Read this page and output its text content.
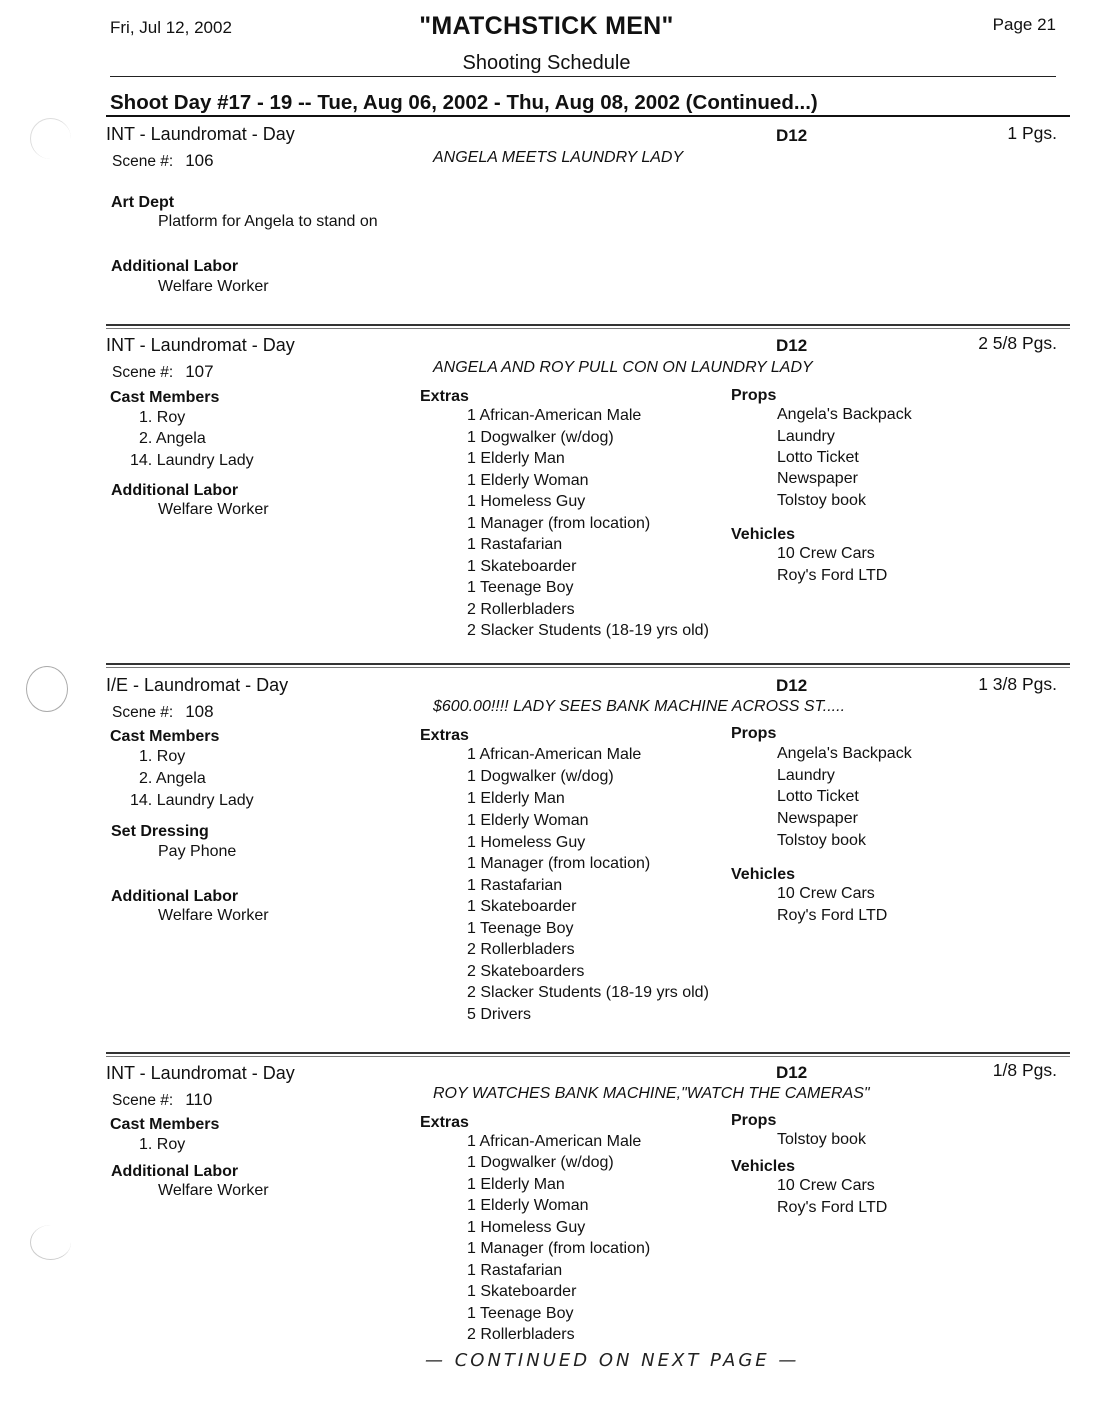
Fri, Jul 12, 2002	"MATCHSTICK MEN"
Shooting Schedule
Page 21
Shoot Day #17 - 19 -- Tue, Aug 06, 2002 - Thu, Aug 08, 2002 (Continued...)
INT - Laundromat - Day	D12	1 Pgs.
Scene #: 106	ANGELA MEETS LAUNDRY LADY
Art Dept
Platform for Angela to stand on
Additional Labor
Welfare Worker
INT - Laundromat - Day	D12	2 5/8 Pgs.
Scene #: 107	ANGELA AND ROY PULL CON ON LAUNDRY LADY
Cast Members
1. Roy
2. Angela
14. Laundry Lady
Additional Labor
Welfare Worker
Extras
1 African-American Male
1 Dogwalker (w/dog)
1 Elderly Man
1 Elderly Woman
1 Homeless Guy
1 Manager (from location)
1 Rastafarian
1 Skateboarder
1 Teenage Boy
2 Rollerbladers
2 Slacker Students (18-19 yrs old)
Props
Angela's Backpack
Laundry
Lotto Ticket
Newspaper
Tolstoy book
Vehicles
10 Crew Cars
Roy's Ford LTD
I/E - Laundromat - Day	D12	1 3/8 Pgs.
Scene #: 108	$600.00!!!! LADY SEES BANK MACHINE ACROSS ST.....
Cast Members
1. Roy
2. Angela
14. Laundry Lady
Set Dressing
Pay Phone
Additional Labor
Welfare Worker
Extras
1 African-American Male
1 Dogwalker (w/dog)
1 Elderly Man
1 Elderly Woman
1 Homeless Guy
1 Manager (from location)
1 Rastafarian
1 Skateboarder
1 Teenage Boy
2 Rollerbladers
2 Skateboarders
2 Slacker Students (18-19 yrs old)
5 Drivers
Props
Angela's Backpack
Laundry
Lotto Ticket
Newspaper
Tolstoy book
Vehicles
10 Crew Cars
Roy's Ford LTD
INT - Laundromat - Day	D12	1/8 Pgs.
Scene #: 110	ROY WATCHES BANK MACHINE,"WATCH THE CAMERAS"
Cast Members
1. Roy
Additional Labor
Welfare Worker
Extras
1 African-American Male
1 Dogwalker (w/dog)
1 Elderly Man
1 Elderly Woman
1 Homeless Guy
1 Manager (from location)
1 Rastafarian
1 Skateboarder
1 Teenage Boy
2 Rollerbladers
Props
Tolstoy book
Vehicles
10 Crew Cars
Roy's Ford LTD
— CONTINUED ON NEXT PAGE —
